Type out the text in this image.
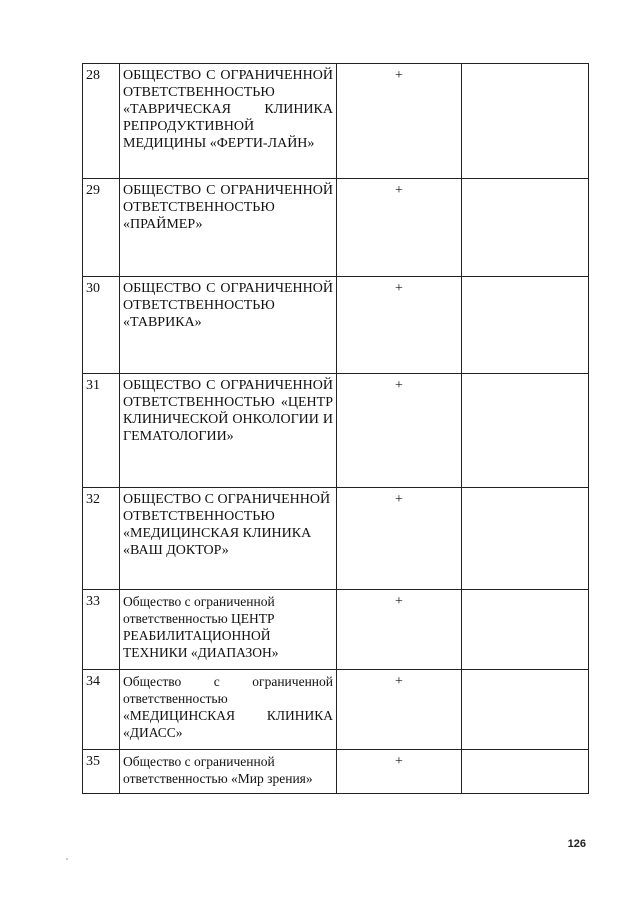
28	ОБЩЕСТВО С ОГРАНИЧЕННОЙ ОТВЕТСТВЕННОСТЬЮ «ТАВРИЧЕСКАЯ КЛИНИКА РЕПРОДУКТИВНОЙ МЕДИЦИНЫ «ФЕРТИ-ЛАЙН»	+	
29	ОБЩЕСТВО С ОГРАНИЧЕННОЙ ОТВЕТСТВЕННОСТЬЮ «ПРАЙМЕР»	+	
30	ОБЩЕСТВО С ОГРАНИЧЕННОЙ ОТВЕТСТВЕННОСТЬЮ «ТАВРИКА»	+	
31	ОБЩЕСТВО С ОГРАНИЧЕННОЙ ОТВЕТСТВЕННОСТЬЮ «ЦЕНТР КЛИНИЧЕСКОЙ ОНКОЛОГИИ И ГЕМАТОЛОГИИ»	+	
32	ОБЩЕСТВО С ОГРАНИЧЕННОЙ ОТВЕТСТВЕННОСТЬЮ «МЕДИЦИНСКАЯ КЛИНИКА «ВАШ ДОКТОР»	+	
33	Общество с ограниченной ответственностью ЦЕНТР РЕАБИЛИТАЦИОННОЙ ТЕХНИКИ «ДИАПАЗОН»	+	
34	Общество с ограниченной ответственностью «МЕДИЦИНСКАЯ КЛИНИКА «ДИАСС»	+	
35	Общество с ограниченной ответственностью «Мир зрения»	+	
126
